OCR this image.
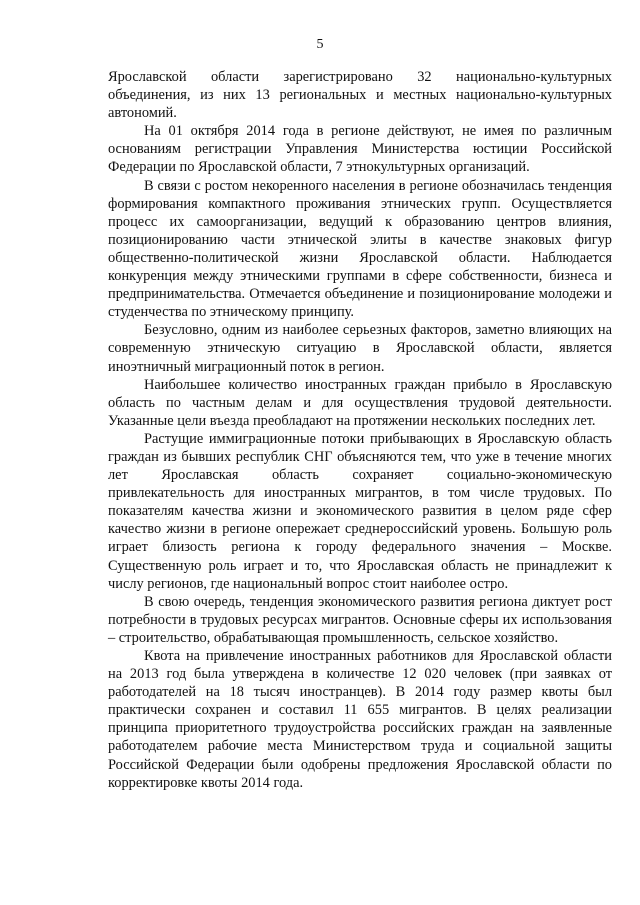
5

Ярославской области зарегистрировано 32 национально-культурных объединения, из них 13 региональных и местных национально-культурных автономий.

На 01 октября 2014 года в регионе действуют, не имея по различным основаниям регистрации Управления Министерства юстиции Российской Федерации по Ярославской области, 7 этнокультурных организаций.

В связи с ростом некоренного населения в регионе обозначилась тенденция формирования компактного проживания этнических групп. Осуществляется процесс их самоорганизации, ведущий к образованию центров влияния, позиционированию части этнической элиты в качестве знаковых фигур общественно-политической жизни Ярославской области. Наблюдается конкуренция между этническими группами в сфере собственности, бизнеса и предпринимательства. Отмечается объединение и позиционирование молодежи и студенчества по этническому принципу.

Безусловно, одним из наиболее серьезных факторов, заметно влияющих на современную этническую ситуацию в Ярославской области, является иноэтничный миграционный поток в регион.

Наибольшее количество иностранных граждан прибыло в Ярославскую область по частным делам и для осуществления трудовой деятельности. Указанные цели въезда преобладают на протяжении нескольких последних лет.

Растущие иммиграционные потоки прибывающих в Ярославскую область граждан из бывших республик СНГ объясняются тем, что уже в течение многих лет Ярославская область сохраняет социально-экономическую привлекательность для иностранных мигрантов, в том числе трудовых. По показателям качества жизни и экономического развития в целом ряде сфер качество жизни в регионе опережает среднероссийский уровень. Большую роль играет близость региона к городу федерального значения – Москве. Существенную роль играет и то, что Ярославская область не принадлежит к числу регионов, где национальный вопрос стоит наиболее остро.

В свою очередь, тенденция экономического развития региона диктует рост потребности в трудовых ресурсах мигрантов. Основные сферы их использования – строительство, обрабатывающая промышленность, сельское хозяйство.

Квота на привлечение иностранных работников для Ярославской области на 2013 год была утверждена в количестве 12 020 человек (при заявках от работодателей на 18 тысяч иностранцев). В 2014 году размер квоты был практически сохранен и составил 11 655 мигрантов. В целях реализации принципа приоритетного трудоустройства российских граждан на заявленные работодателем рабочие места Министерством труда и социальной защиты Российской Федерации были одобрены предложения Ярославской области по корректировке квоты 2014 года.
